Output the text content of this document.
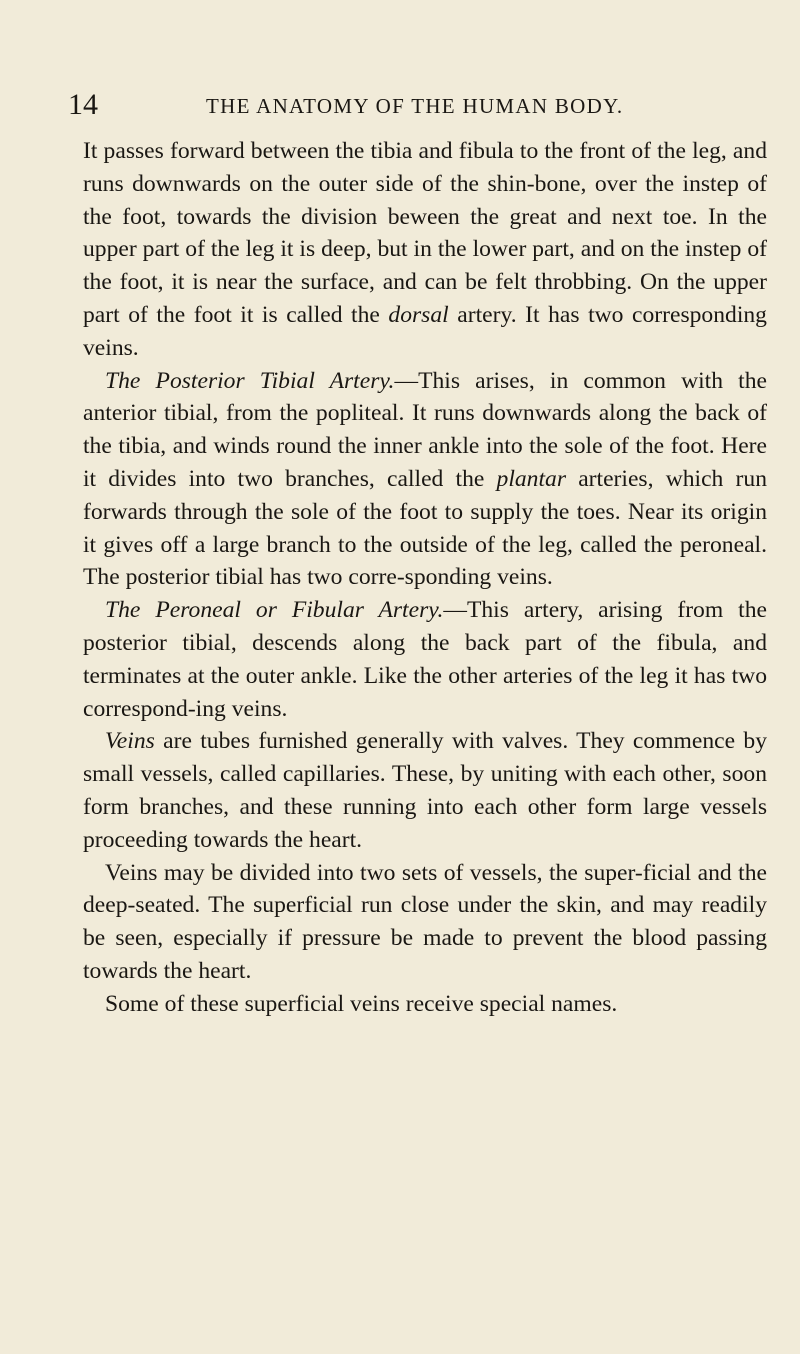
14	THE ANATOMY OF THE HUMAN BODY.

It passes forward between the tibia and fibula to the front of the leg, and runs downwards on the outer side of the shin-bone, over the instep of the foot, towards the division beween the great and next toe. In the upper part of the leg it is deep, but in the lower part, and on the instep of the foot, it is near the surface, and can be felt throbbing. On the upper part of the foot it is called the dorsal artery. It has two corresponding veins.

The Posterior Tibial Artery.—This arises, in common with the anterior tibial, from the popliteal. It runs downwards along the back of the tibia, and winds round the inner ankle into the sole of the foot. Here it divides into two branches, called the plantar arteries, which run forwards through the sole of the foot to supply the toes. Near its origin it gives off a large branch to the outside of the leg, called the peroneal. The posterior tibial has two corre-sponding veins.

The Peroneal or Fibular Artery.—This artery, arising from the posterior tibial, descends along the back part of the fibula, and terminates at the outer ankle. Like the other arteries of the leg it has two correspond-ing veins.

Veins are tubes furnished generally with valves. They commence by small vessels, called capillaries. These, by uniting with each other, soon form branches, and these running into each other form large vessels proceeding towards the heart.

Veins may be divided into two sets of vessels, the super-ficial and the deep-seated. The superficial run close under the skin, and may readily be seen, especially if pressure be made to prevent the blood passing towards the heart.

Some of these superficial veins receive special names.
